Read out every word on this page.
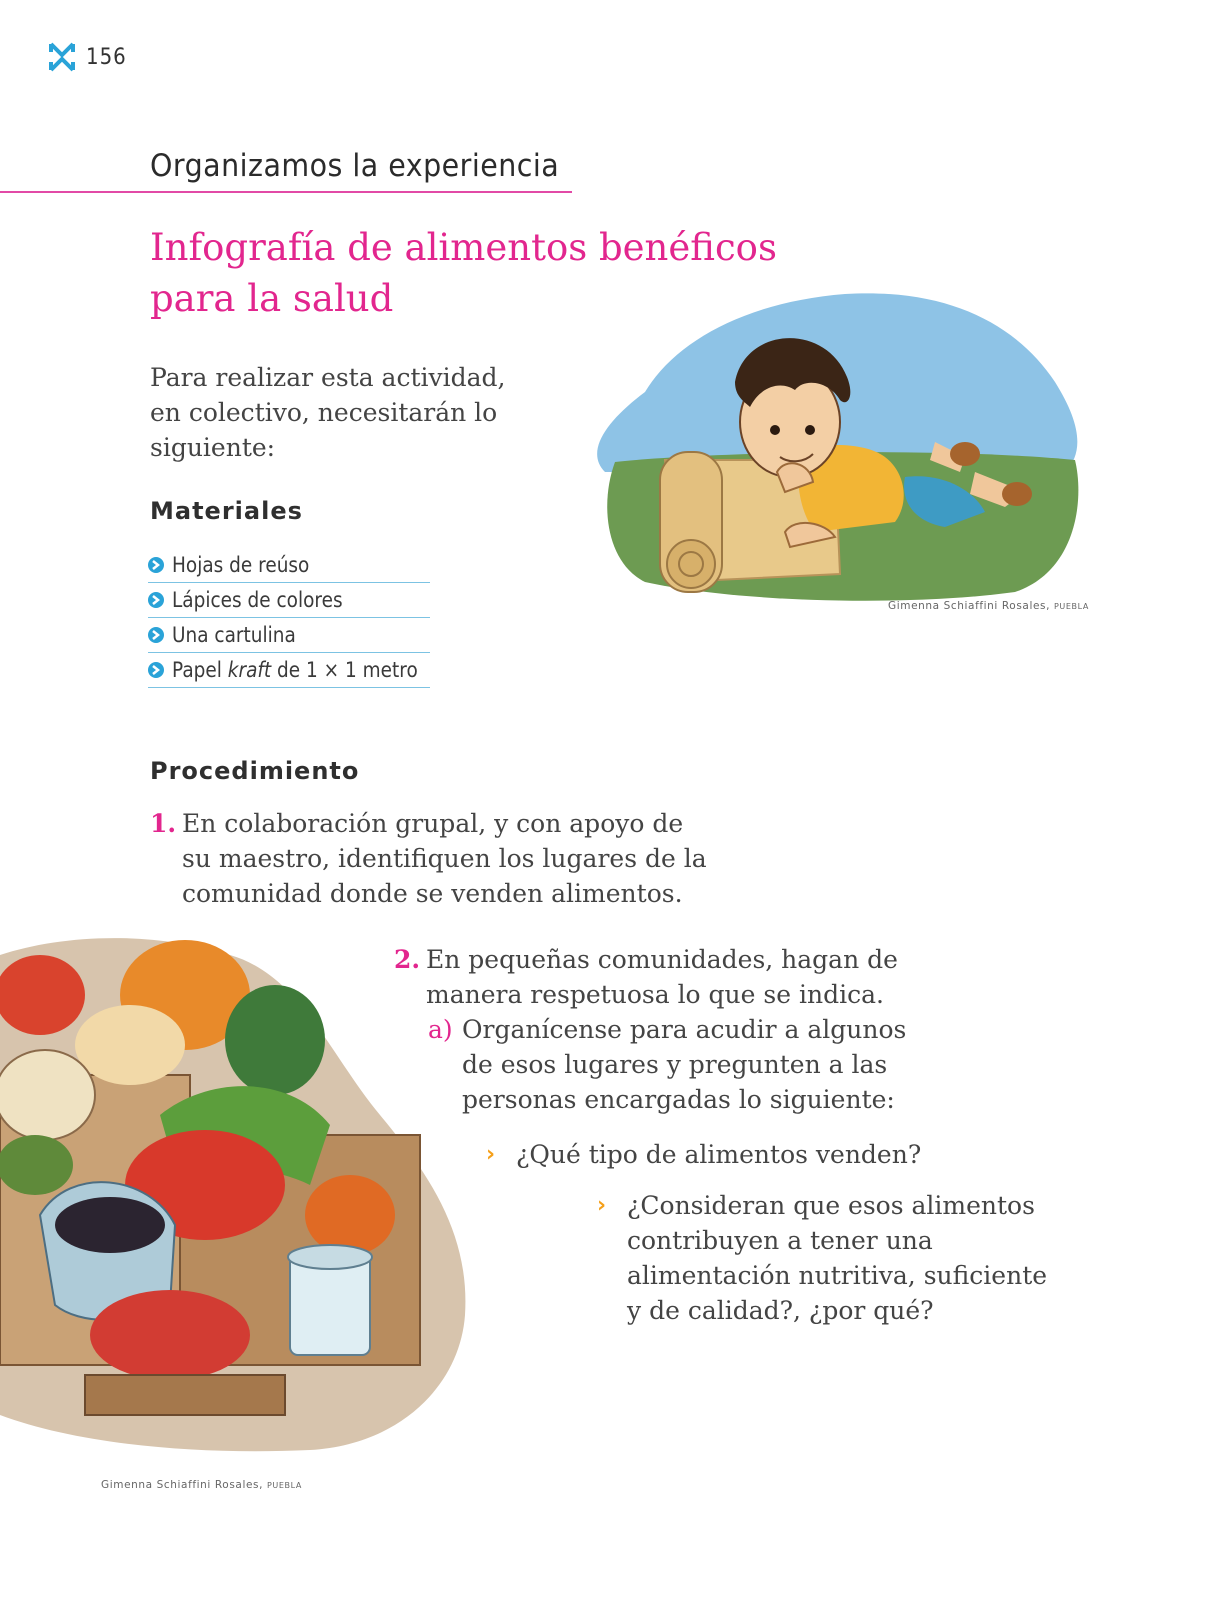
156
Organizamos la experiencia
Infografía de alimentos benéficos
para la salud
Para realizar esta actividad,
en colectivo, necesitarán lo
siguiente:
Gimenna Schiaffini Rosales, PUEBLA
Materiales
Hojas de reúso
Lápices de colores
Una cartulina
Papel kraft de 1 × 1 metro
Procedimiento
1. En colaboración grupal, y con apoyo de
su maestro, identifiquen los lugares de la
comunidad donde se venden alimentos.
2. En pequeñas comunidades, hagan de
manera respetuosa lo que se indica.
a) Organícense para acudir a algunos
de esos lugares y pregunten a las
personas encargadas lo siguiente:
› ¿Qué tipo de alimentos venden?
› ¿Consideran que esos alimentos
contribuyen a tener una
alimentación nutritiva, suficiente
y de calidad?, ¿por qué?
Gimenna Schiaffini Rosales, PUEBLA
